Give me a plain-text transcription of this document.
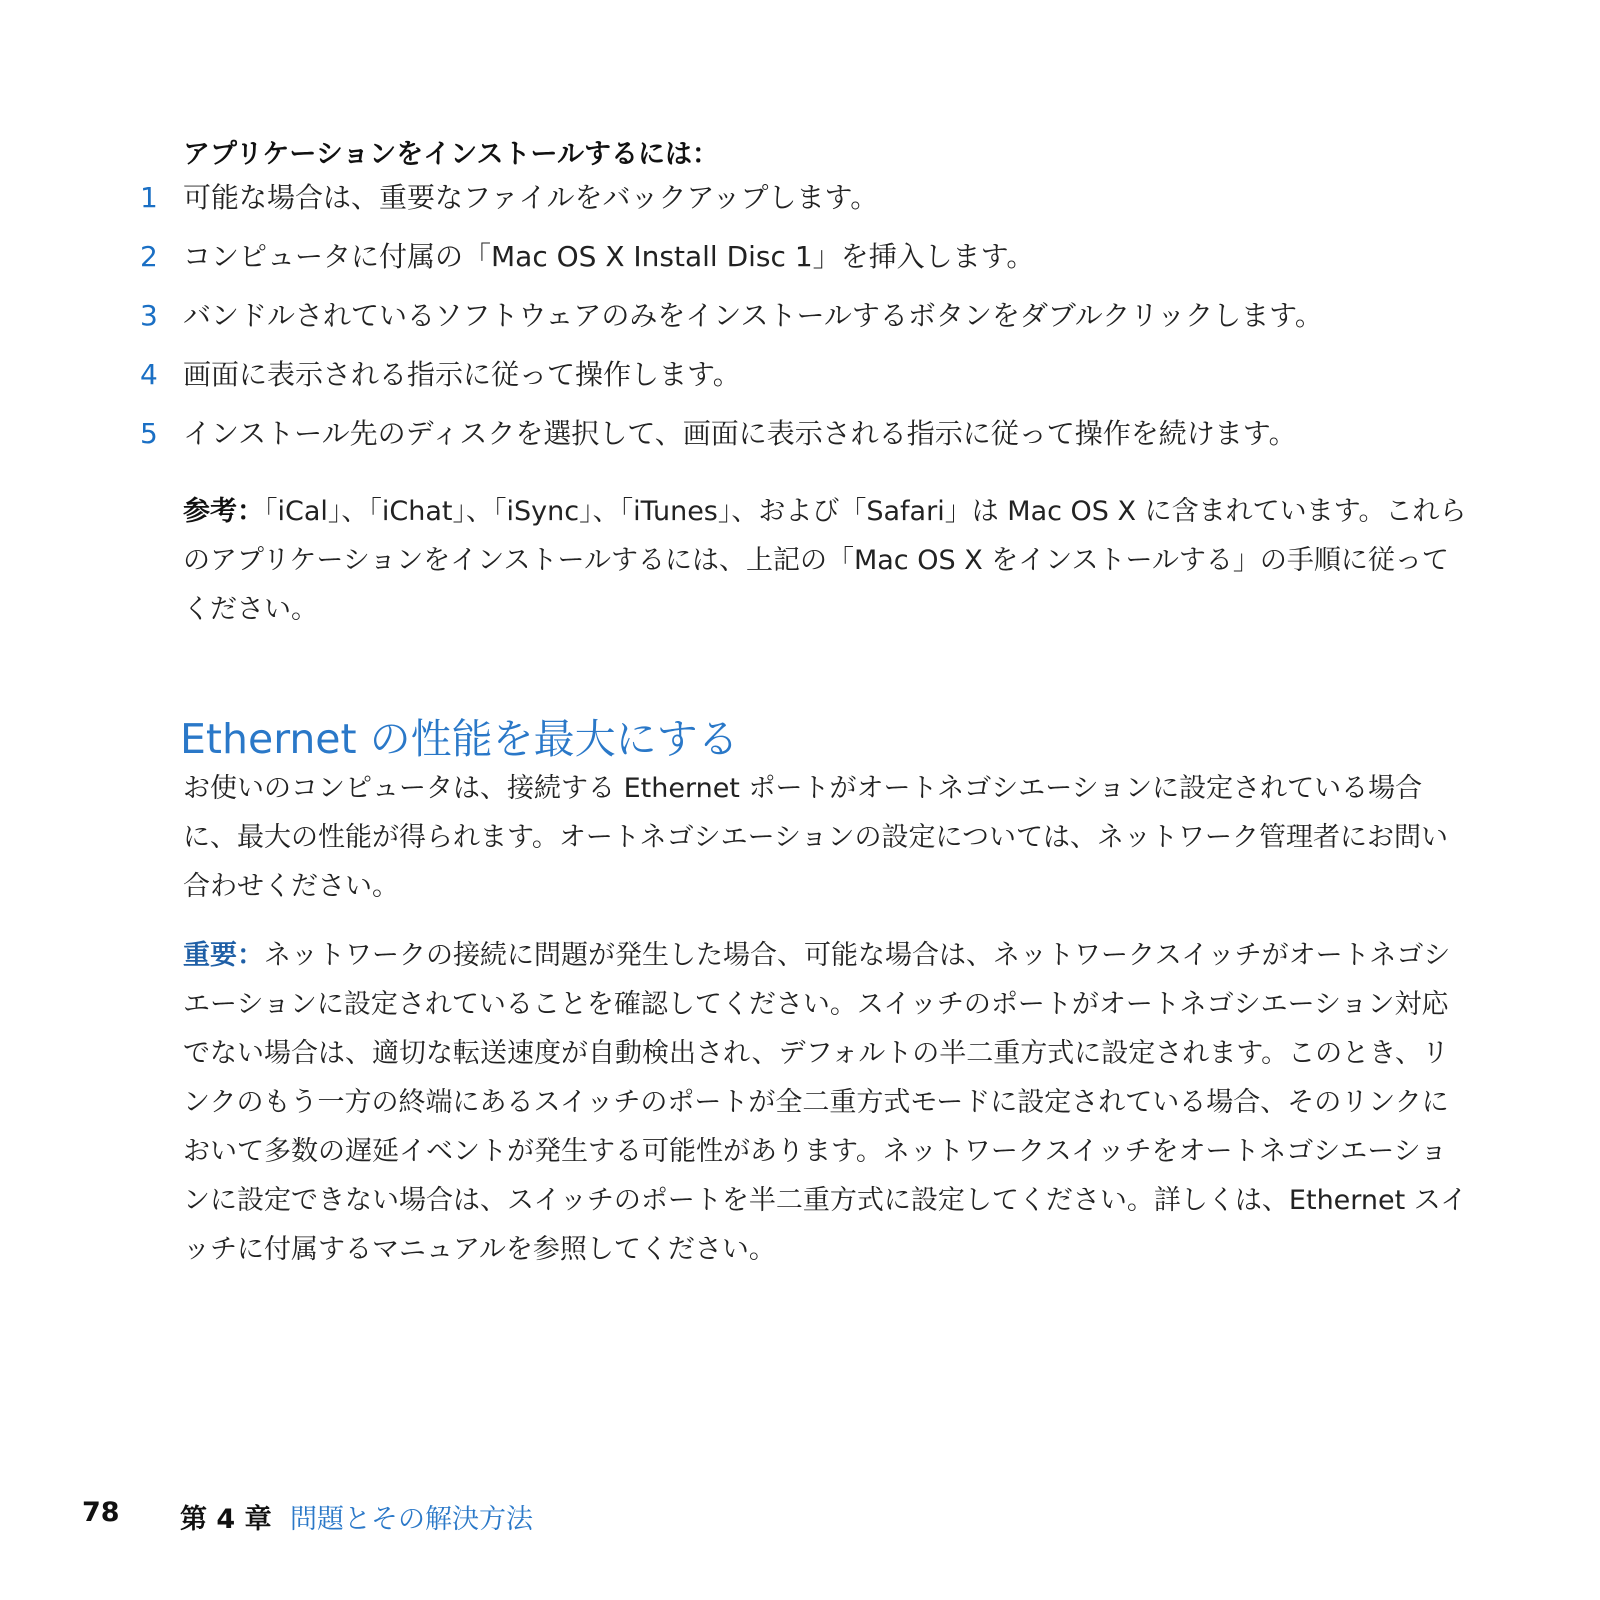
アプリケーションをインストールするには：
1 可能な場合は、重要なファイルをバックアップします。
2 コンピュータに付属の「Mac OS X Install Disc 1」を挿入します。
3 バンドルされているソフトウェアのみをインストールするボタンをダブルクリックします。
4 画面に表示される指示に従って操作します。
5 インストール先のディスクを選択して、画面に表示される指示に従って操作を続けます。

参考：「iCal」、「iChat」、「iSync」、「iTunes」、および「Safari」は Mac OS X に含まれています。これらのアプリケーションをインストールするには、上記の「Mac OS X をインストールする」の手順に従ってください。

Ethernet の性能を最大にする

お使いのコンピュータは、接続する Ethernet ポートがオートネゴシエーションに設定されている場合に、最大の性能が得られます。オートネゴシエーションの設定については、ネットワーク管理者にお問い合わせください。

重要：ネットワークの接続に問題が発生した場合、可能な場合は、ネットワークスイッチがオートネゴシエーションに設定されていることを確認してください。スイッチのポートがオートネゴシエーション対応でない場合は、適切な転送速度が自動検出され、デフォルトの半二重方式に設定されます。このとき、リンクのもう一方の終端にあるスイッチのポートが全二重方式モードに設定されている場合、そのリンクにおいて多数の遅延イベントが発生する可能性があります。ネットワークスイッチをオートネゴシエーションに設定できない場合は、スイッチのポートを半二重方式に設定してください。詳しくは、Ethernet スイッチに付属するマニュアルを参照してください。

78 第 4 章 問題とその解決方法
